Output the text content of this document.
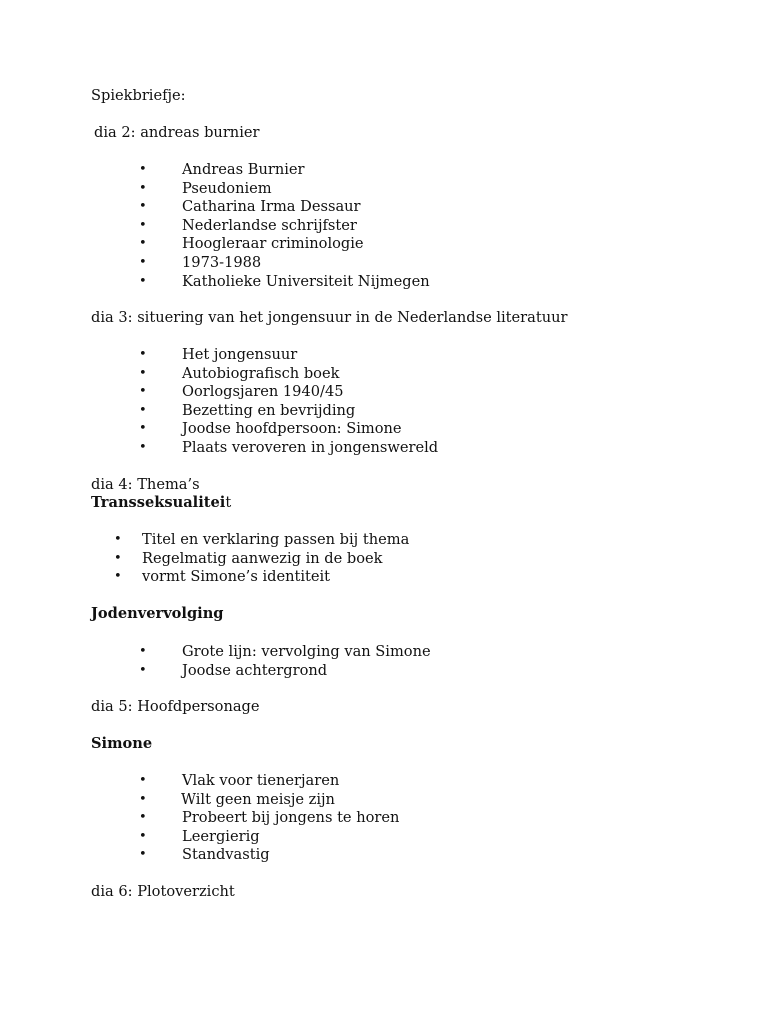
Spiekbriefje:
dia 2: andreas burnier
• Andreas Burnier
• Pseudoniem
• Catharina Irma Dessaur
• Nederlandse schrijfster
• Hoogleraar criminologie
• 1973-1988
• Katholieke Universiteit Nijmegen
dia 3: situering van het jongensuur in de Nederlandse literatuur
• Het jongensuur
• Autobiografisch boek
• Oorlogsjaren 1940/45
• Bezetting en bevrijding
• Joodse hoofdpersoon: Simone
• Plaats veroveren in jongenswereld
dia 4: Thema’s
Transseksualiteit
• Titel en verklaring passen bij thema
• Regelmatig aanwezig in de boek
• vormt Simone’s identiteit
Jodenvervolging
• Grote lijn: vervolging van Simone
• Joodse achtergrond
dia 5: Hoofdpersonage
Simone
• Vlak voor tienerjaren
• Wilt geen meisje zijn
• Probeert bij jongens te horen
• Leergierig
• Standvastig
dia 6: Plotoverzicht
